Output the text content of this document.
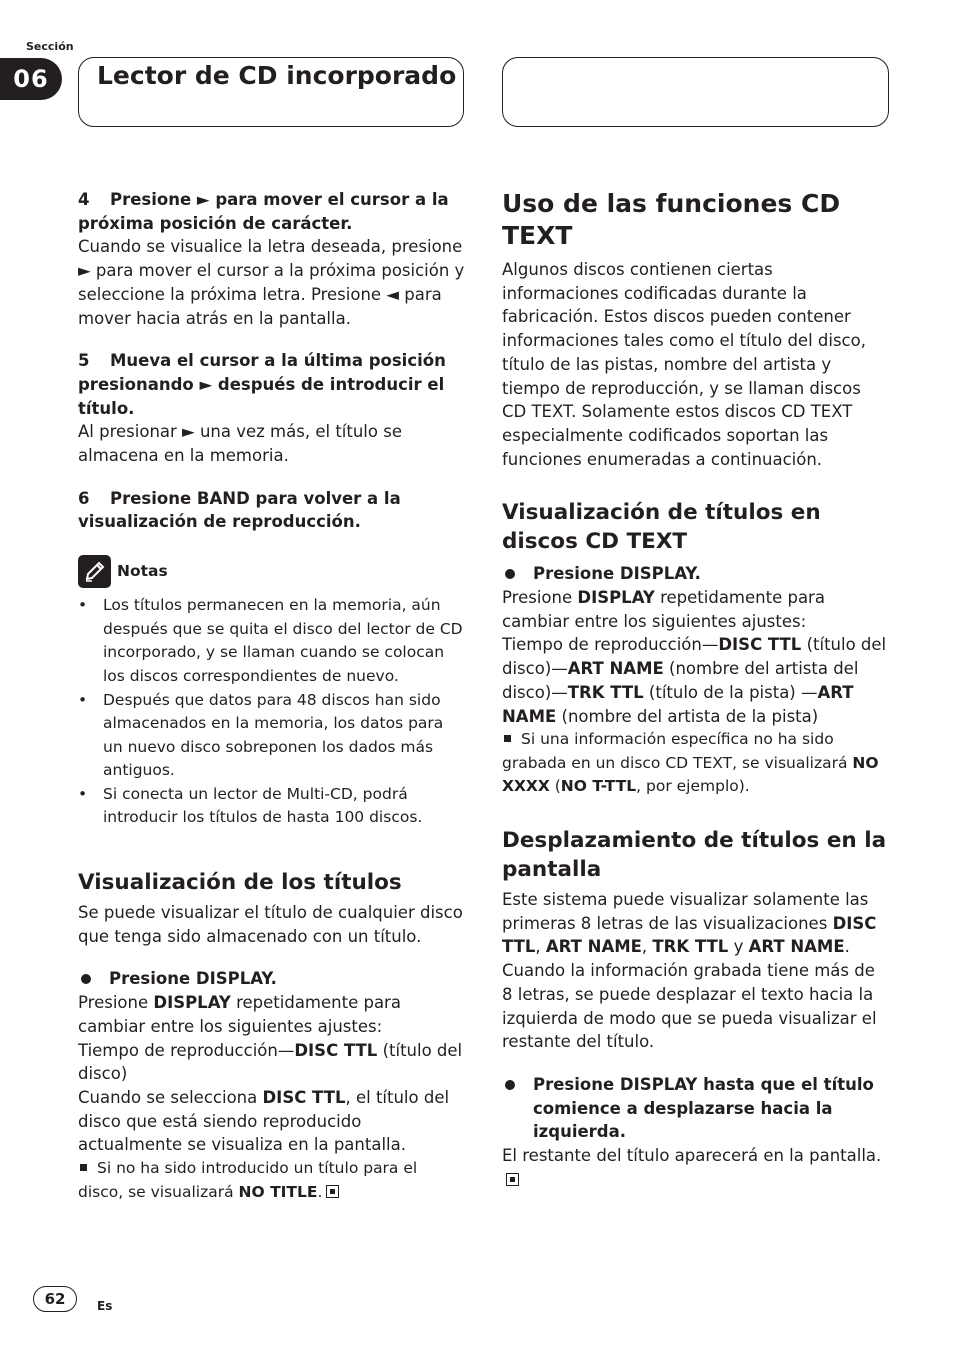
Sección
06	Lector de CD incorporado

4 Presione ► para mover el cursor a la próxima posición de carácter.

Cuando se visualice la letra deseada, presione ► para mover el cursor a la próxima posición y seleccione la próxima letra. Presione ◄ para mover hacia atrás en la pantalla.

5 Mueva el cursor a la última posición presionando ► después de introducir el título.

Al presionar ► una vez más, el título se almacena en la memoria.

6 Presione BAND para volver a la visualización de reproducción.

Notas
• Los títulos permanecen en la memoria, aún después que se quita el disco del lector de CD incorporado, y se llaman cuando se colocan los discos correspondientes de nuevo.
• Después que datos para 48 discos han sido almacenados en la memoria, los datos para un nuevo disco sobreponen los dados más antiguos.
• Si conecta un lector de Multi-CD, podrá introducir los títulos de hasta 100 discos.
Visualización de los títulos

Se puede visualizar el título de cualquier disco que tenga sido almacenado con un título.

Presione DISPLAY.

Presione DISPLAY repetidamente para cambiar entre los siguientes ajustes:

Tiempo de reproducción—DISC TTL (título del disco)

Cuando se selecciona DISC TTL, el título del disco que está siendo reproducido actualmente se visualiza en la pantalla.

Si no ha sido introducido un título para el disco, se visualizará NO TITLE.

Uso de las funciones CD TEXT

Algunos discos contienen ciertas informaciones codificadas durante la fabricación. Estos discos pueden contener informaciones tales como el título del disco, título de las pistas, nombre del artista y tiempo de reproducción, y se llaman discos CD TEXT. Solamente estos discos CD TEXT especialmente codificados soportan las funciones enumeradas a continuación.

Visualización de títulos en discos CD TEXT

Presione DISPLAY.

Presione DISPLAY repetidamente para cambiar entre los siguientes ajustes:

Tiempo de reproducción—DISC TTL (título del disco)—ART NAME (nombre del artista del disco)—TRK TTL (título de la pista) —ART NAME (nombre del artista de la pista)

Si una información específica no ha sido grabada en un disco CD TEXT, se visualizará NO XXXX (NO T-TTL, por ejemplo).

Desplazamiento de títulos en la pantalla

Este sistema puede visualizar solamente las primeras 8 letras de las visualizaciones DISC TTL, ART NAME, TRK TTL y ART NAME. Cuando la información grabada tiene más de 8 letras, se puede desplazar el texto hacia la izquierda de modo que se pueda visualizar el restante del título.

Presione DISPLAY hasta que el título comience a desplazarse hacia la izquierda.

El restante del título aparecerá en la pantalla.

62	Es
